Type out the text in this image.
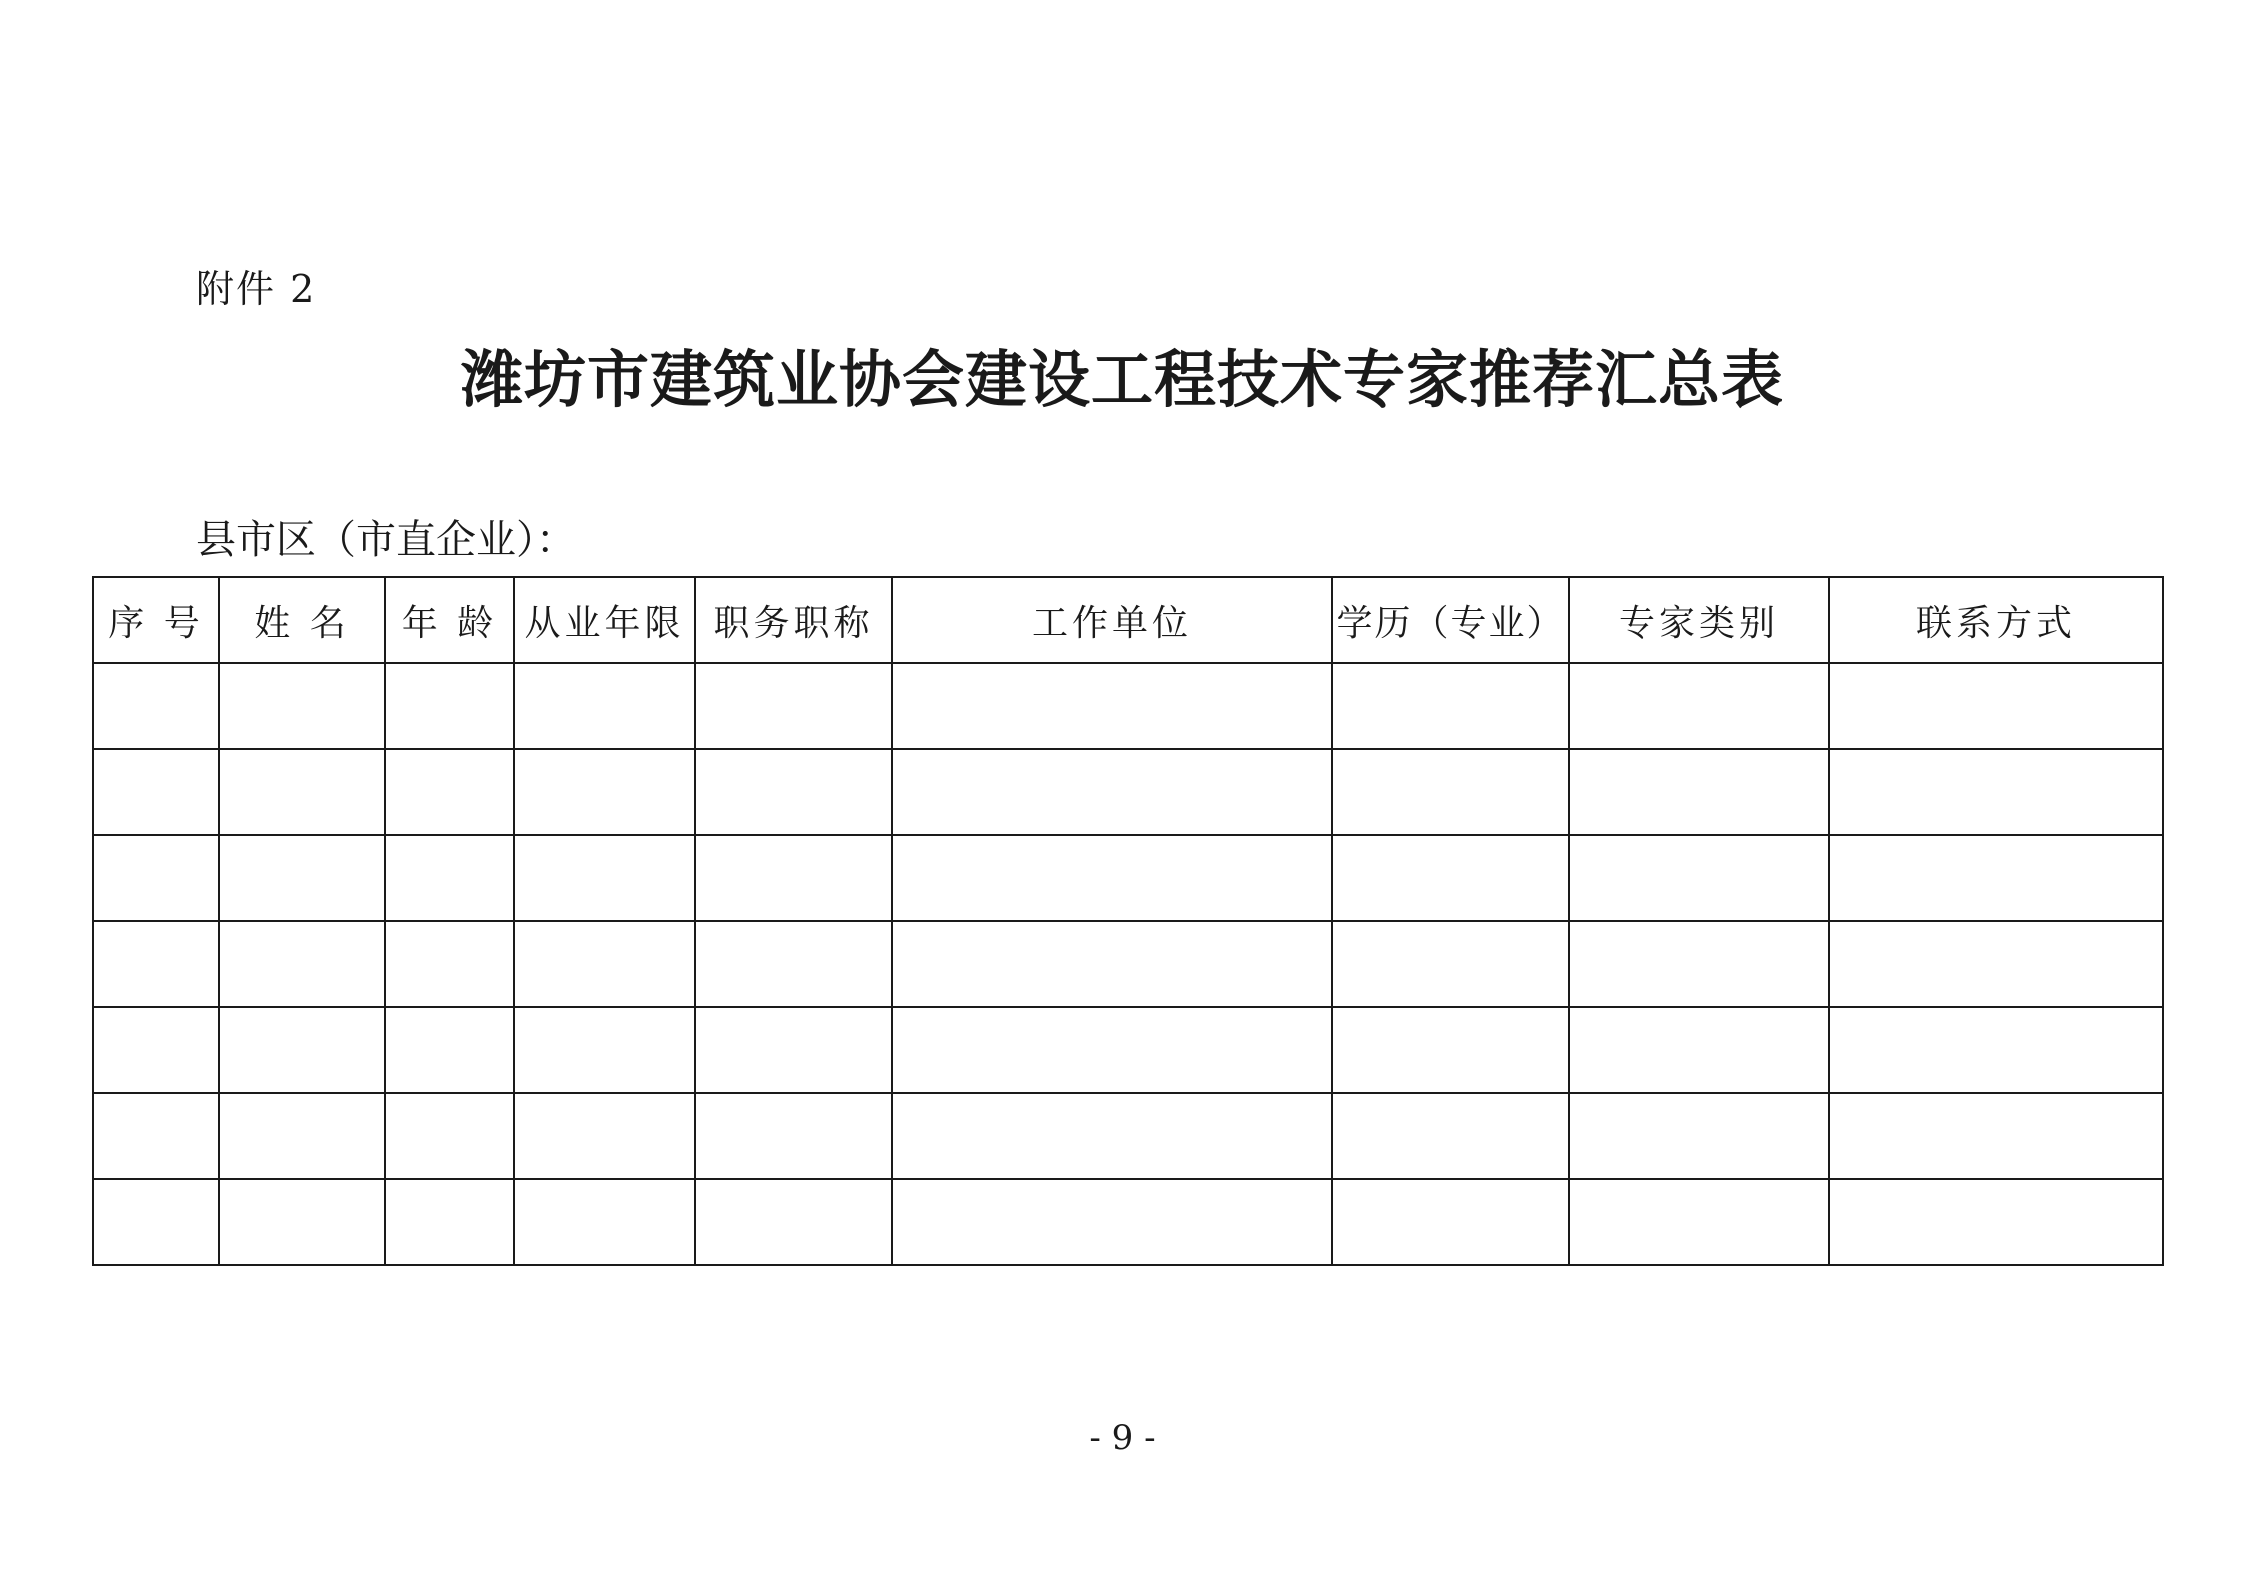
附件 2
潍坊市建筑业协会建设工程技术专家推荐汇总表
县市区（市直企业）：
序 号	姓 名	年 龄	从业年限	职务职称	工作单位	学历（专业）	专家类别	联系方式

- 9 -
